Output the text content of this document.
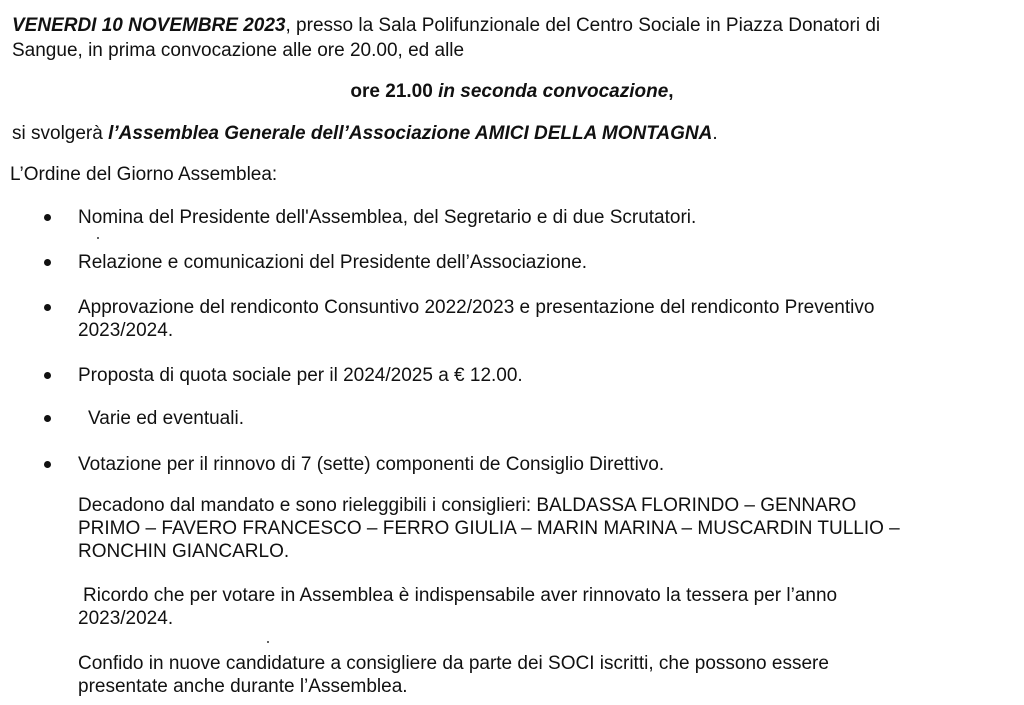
VENERDI 10 NOVEMBRE 2023, presso la Sala Polifunzionale del Centro Sociale in Piazza Donatori di
Sangue, in prima convocazione alle ore 20.00, ed alle
ore 21.00 in seconda convocazione,
si svolgerà l’Assemblea Generale dell’Associazione AMICI DELLA MONTAGNA.
L’Ordine del Giorno Assemblea:
Nomina del Presidente dell'Assemblea, del Segretario e di due Scrutatori.
Relazione e comunicazioni del Presidente dell’Associazione.
Approvazione del rendiconto Consuntivo 2022/2023 e presentazione del rendiconto Preventivo
2023/2024.
Proposta di quota sociale per il 2024/2025 a € 12.00.
Varie ed eventuali.
Votazione per il rinnovo di 7 (sette) componenti de Consiglio Direttivo.
Decadono dal mandato e sono rieleggibili i consiglieri: BALDASSA FLORINDO – GENNARO
PRIMO – FAVERO FRANCESCO – FERRO GIULIA – MARIN MARINA – MUSCARDIN TULLIO –
RONCHIN GIANCARLO.
Ricordo che per votare in Assemblea è indispensabile aver rinnovato la tessera per l’anno
2023/2024.
Confido in nuove candidature a consigliere da parte dei SOCI iscritti, che possono essere
presentate anche durante l’Assemblea.
